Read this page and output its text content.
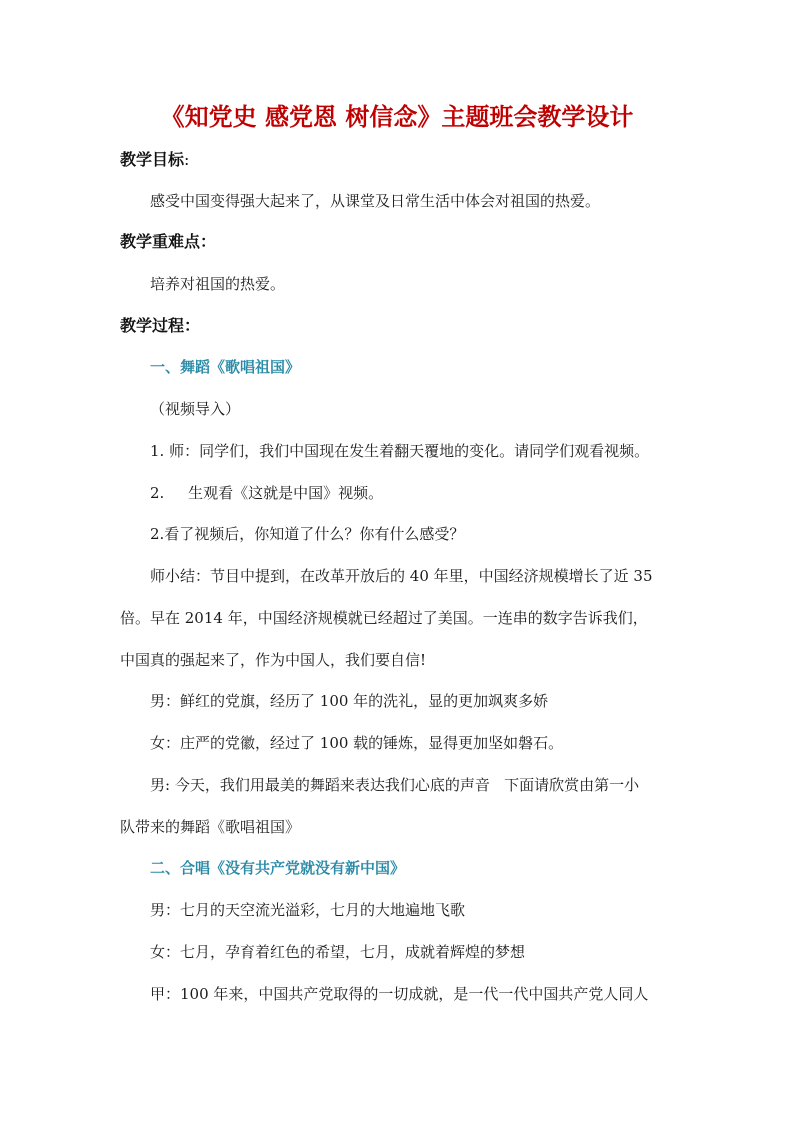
《知党史 感党恩 树信念》主题班会教学设计
教学目标:
感受中国变得强大起来了，从课堂及日常生活中体会对祖国的热爱。
教学重难点：
培养对祖国的热爱。
教学过程：
一、舞蹈《歌唱祖国》
（视频导入）
1. 师：同学们，我们中国现在发生着翻天覆地的变化。请同学们观看视频。
2.     生观看《这就是中国》视频。
2.看了视频后，你知道了什么？你有什么感受？
师小结：节目中提到，在改革开放后的 40 年里，中国经济规模增长了近 35
倍。早在 2014 年，中国经济规模就已经超过了美国。一连串的数字告诉我们，
中国真的强起来了，作为中国人，我们要自信!
男：鲜红的党旗，经历了 100 年的洗礼，显的更加飒爽多娇
女：庄严的党徽，经过了 100 载的锤炼，显得更加坚如磐石。
男: 今天，我们用最美的舞蹈来表达我们心底的声音   下面请欣赏由第一小
队带来的舞蹈《歌唱祖国》
二、合唱《没有共产党就没有新中国》
男：七月的天空流光溢彩，七月的大地遍地飞歌
女：七月，孕育着红色的希望，七月，成就着辉煌的梦想
甲：100 年来，中国共产党取得的一切成就，是一代一代中国共产党人同人
